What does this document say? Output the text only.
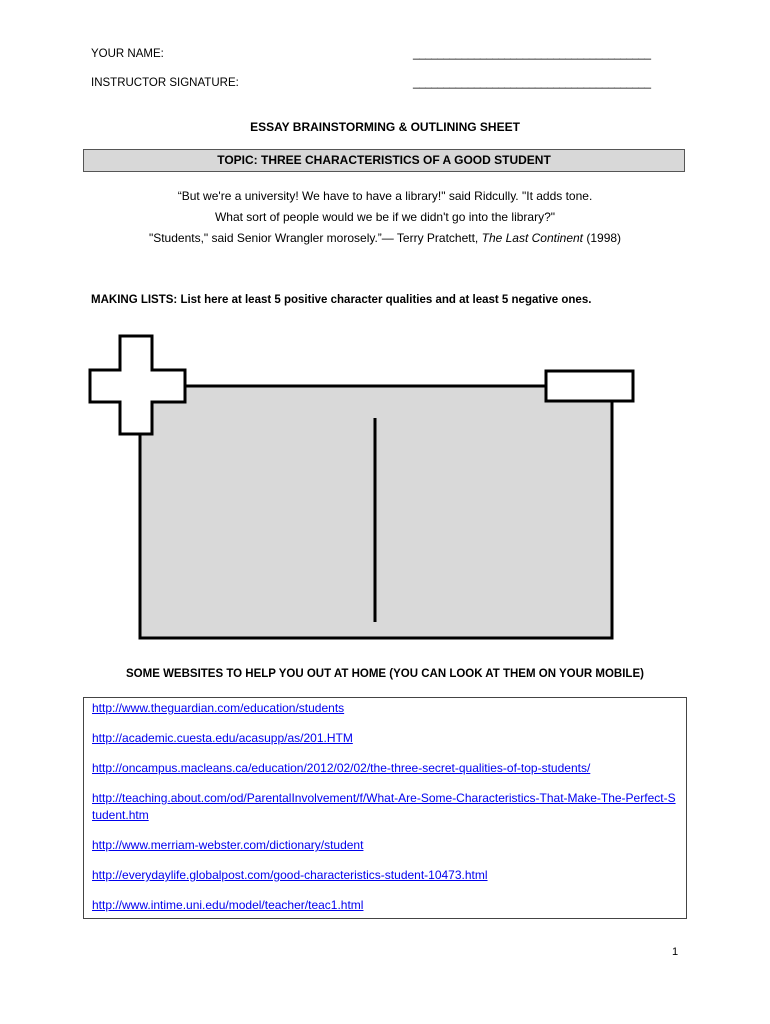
YOUR NAME:	_______________________________________
INSTRUCTOR SIGNATURE:	_______________________________________
ESSAY BRAINSTORMING & OUTLINING SHEET
TOPIC: THREE CHARACTERISTICS OF A GOOD STUDENT
“But we're a university! We have to have a library!" said Ridcully. "It adds tone.
What sort of people would we be if we didn't go into the library?"
"Students," said Senior Wrangler morosely.”― Terry Pratchett, The Last Continent (1998)
MAKING LISTS: List here at least 5 positive character qualities and at least 5 negative ones.
SOME WEBSITES TO HELP YOU OUT AT HOME (YOU CAN LOOK AT THEM ON YOUR MOBILE)
http://www.theguardian.com/education/students
http://academic.cuesta.edu/acasupp/as/201.HTM
http://oncampus.macleans.ca/education/2012/02/02/the-three-secret-qualities-of-top-students/
http://teaching.about.com/od/ParentalInvolvement/f/What-Are-Some-Characteristics-That-Make-The-Perfect-Student.htm
http://www.merriam-webster.com/dictionary/student
http://everydaylife.globalpost.com/good-characteristics-student-10473.html
http://www.intime.uni.edu/model/teacher/teac1.html
1
